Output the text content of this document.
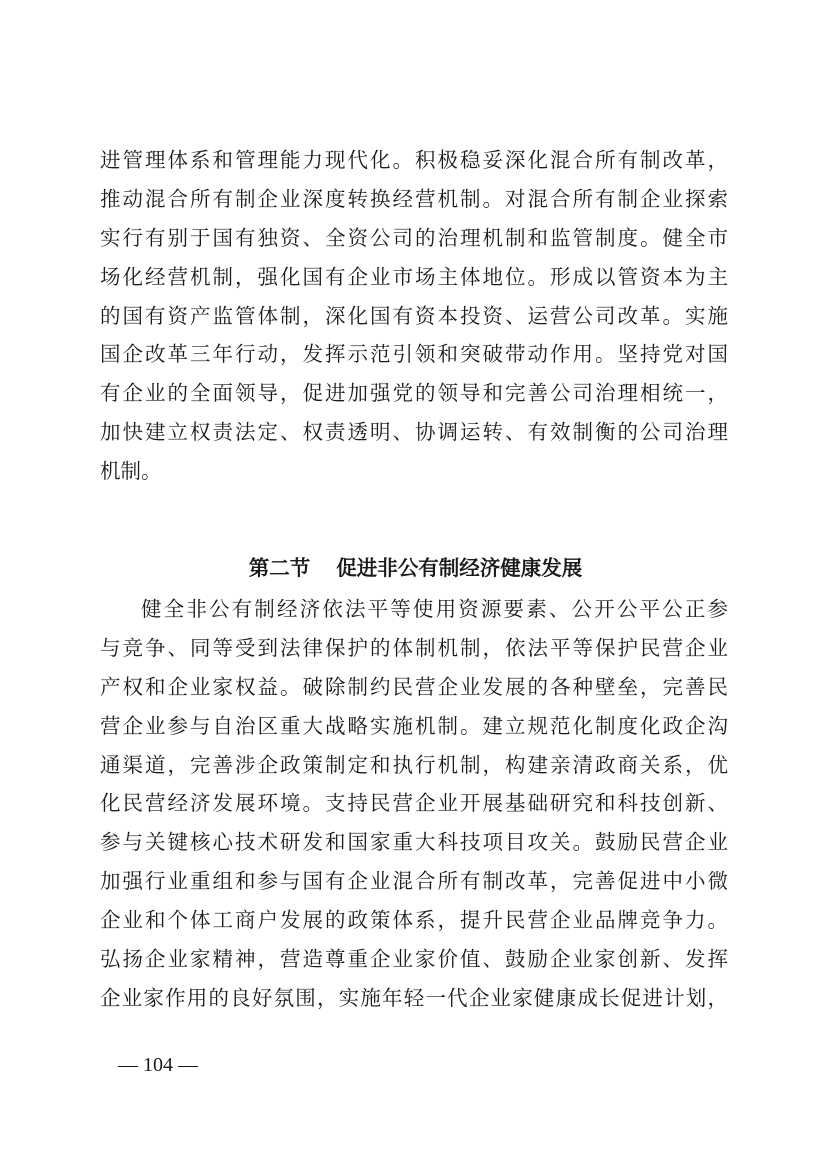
进管理体系和管理能力现代化。积极稳妥深化混合所有制改革，
推动混合所有制企业深度转换经营机制。对混合所有制企业探索
实行有别于国有独资、全资公司的治理机制和监管制度。健全市
场化经营机制，强化国有企业市场主体地位。形成以管资本为主
的国有资产监管体制，深化国有资本投资、运营公司改革。实施
国企改革三年行动，发挥示范引领和突破带动作用。坚持党对国
有企业的全面领导，促进加强党的领导和完善公司治理相统一，
加快建立权责法定、权责透明、协调运转、有效制衡的公司治理
机制。
第二节 促进非公有制经济健康发展
健全非公有制经济依法平等使用资源要素、公开公平公正参
与竞争、同等受到法律保护的体制机制，依法平等保护民营企业
产权和企业家权益。破除制约民营企业发展的各种壁垒，完善民
营企业参与自治区重大战略实施机制。建立规范化制度化政企沟
通渠道，完善涉企政策制定和执行机制，构建亲清政商关系，优
化民营经济发展环境。支持民营企业开展基础研究和科技创新、
参与关键核心技术研发和国家重大科技项目攻关。鼓励民营企业
加强行业重组和参与国有企业混合所有制改革，完善促进中小微
企业和个体工商户发展的政策体系，提升民营企业品牌竞争力。
弘扬企业家精神，营造尊重企业家价值、鼓励企业家创新、发挥
企业家作用的良好氛围，实施年轻一代企业家健康成长促进计划，
— 104 —
